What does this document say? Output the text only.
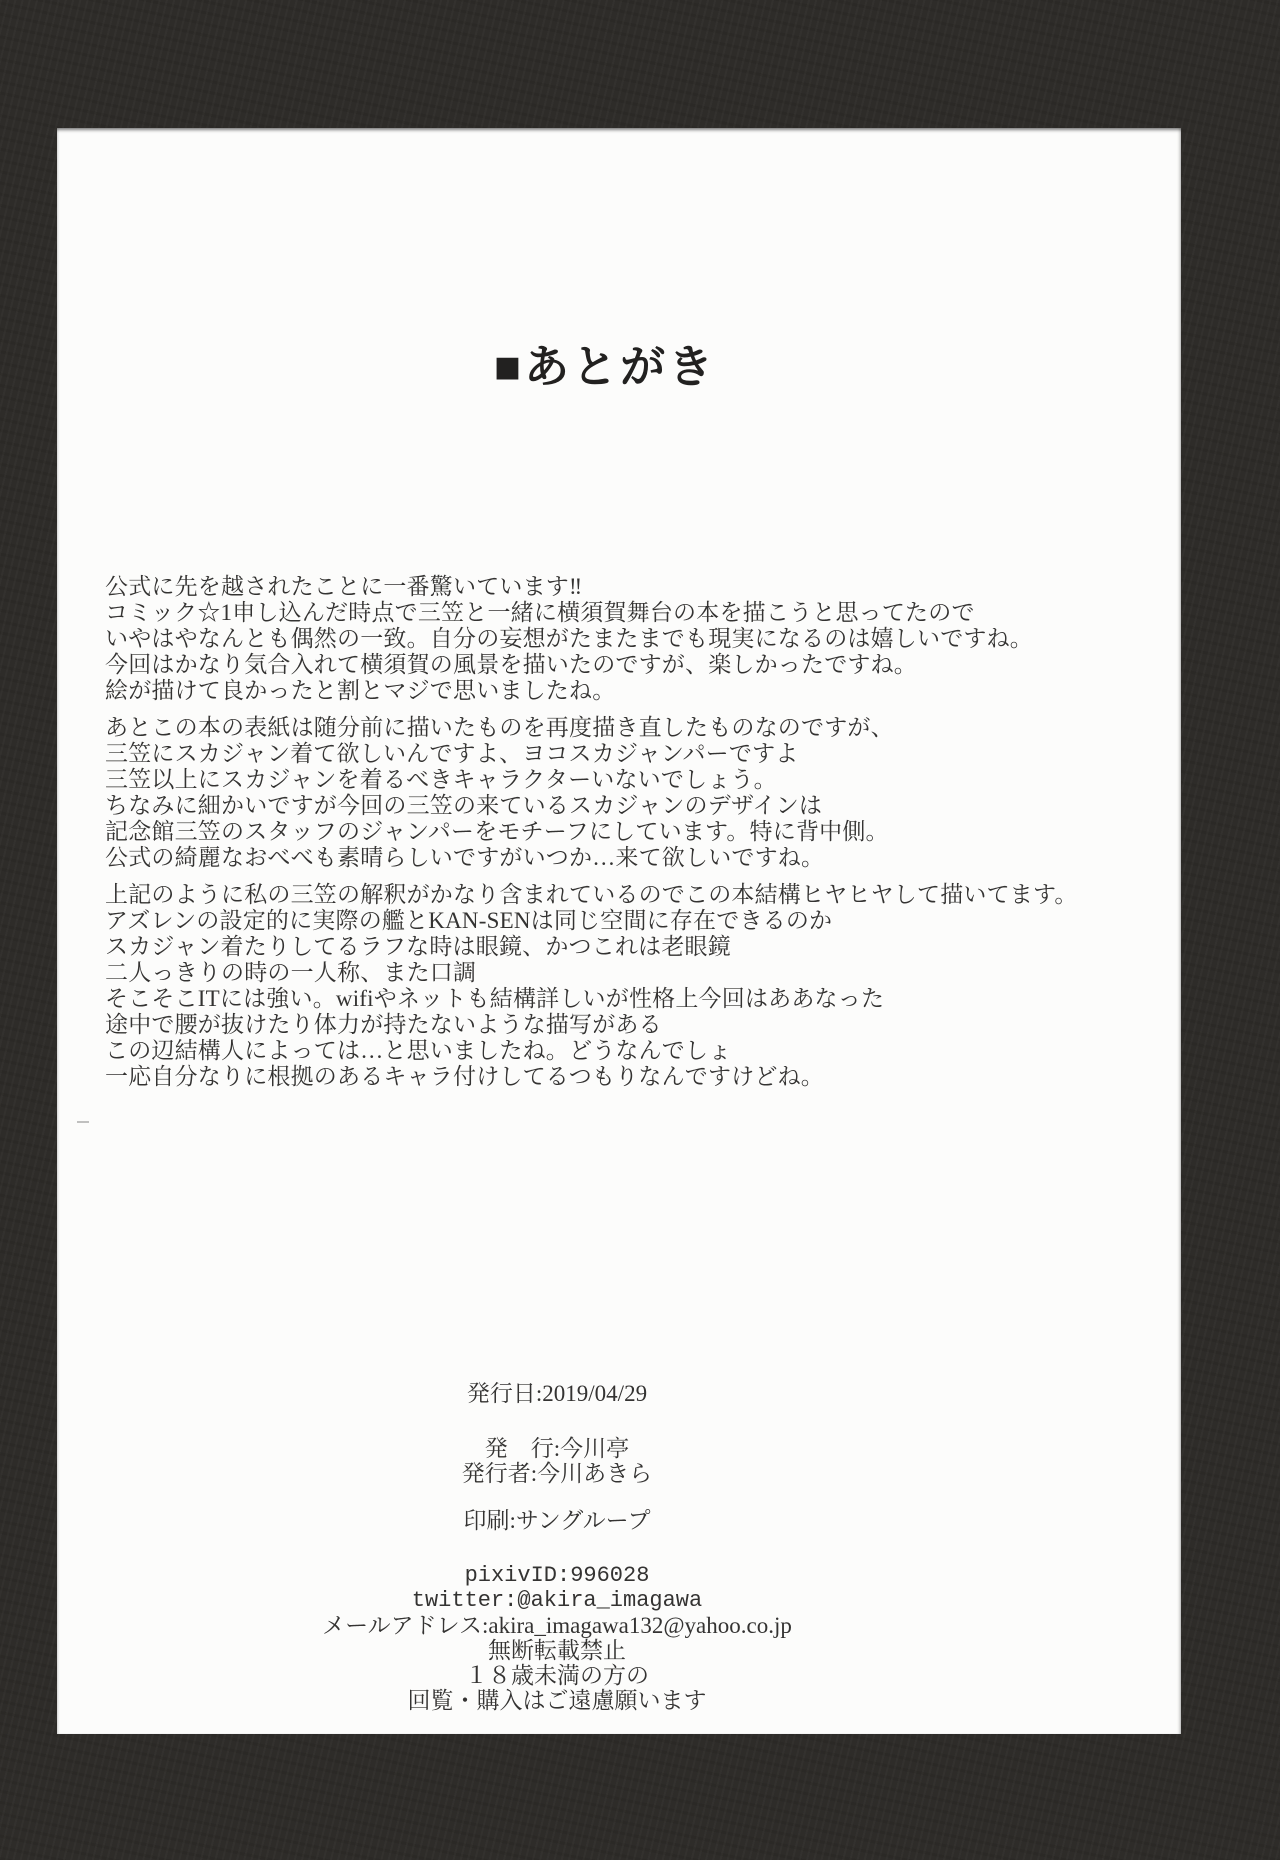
■あとがき
公式に先を越されたことに一番驚いています‼
コミック☆1申し込んだ時点で三笠と一緒に横須賀舞台の本を描こうと思ってたので
いやはやなんとも偶然の一致。自分の妄想がたまたまでも現実になるのは嬉しいですね。
今回はかなり気合入れて横須賀の風景を描いたのですが、楽しかったですね。
絵が描けて良かったと割とマジで思いましたね。
あとこの本の表紙は随分前に描いたものを再度描き直したものなのですが、
三笠にスカジャン着て欲しいんですよ、ヨコスカジャンパーですよ
三笠以上にスカジャンを着るべきキャラクターいないでしょう。
ちなみに細かいですが今回の三笠の来ているスカジャンのデザインは
記念館三笠のスタッフのジャンパーをモチーフにしています。特に背中側。
公式の綺麗なおべべも素晴らしいですがいつか…来て欲しいですね。
上記のように私の三笠の解釈がかなり含まれているのでこの本結構ヒヤヒヤして描いてます。
アズレンの設定的に実際の艦とKAN-SENは同じ空間に存在できるのか
スカジャン着たりしてるラフな時は眼鏡、かつこれは老眼鏡
二人っきりの時の一人称、また口調
そこそこITには強い。wifiやネットも結構詳しいが性格上今回はああなった
途中で腰が抜けたり体力が持たないような描写がある
この辺結構人によっては…と思いましたね。どうなんでしょ
一応自分なりに根拠のあるキャラ付けしてるつもりなんですけどね。
発行日:2019/04/29
発　行:今川亭
発行者:今川あきら
印刷:サングループ
pixivID:996028
twitter:@akira_imagawa
メールアドレス:akira_imagawa132@yahoo.co.jp
無断転載禁止
１８歳未満の方の
回覧・購入はご遠慮願います
